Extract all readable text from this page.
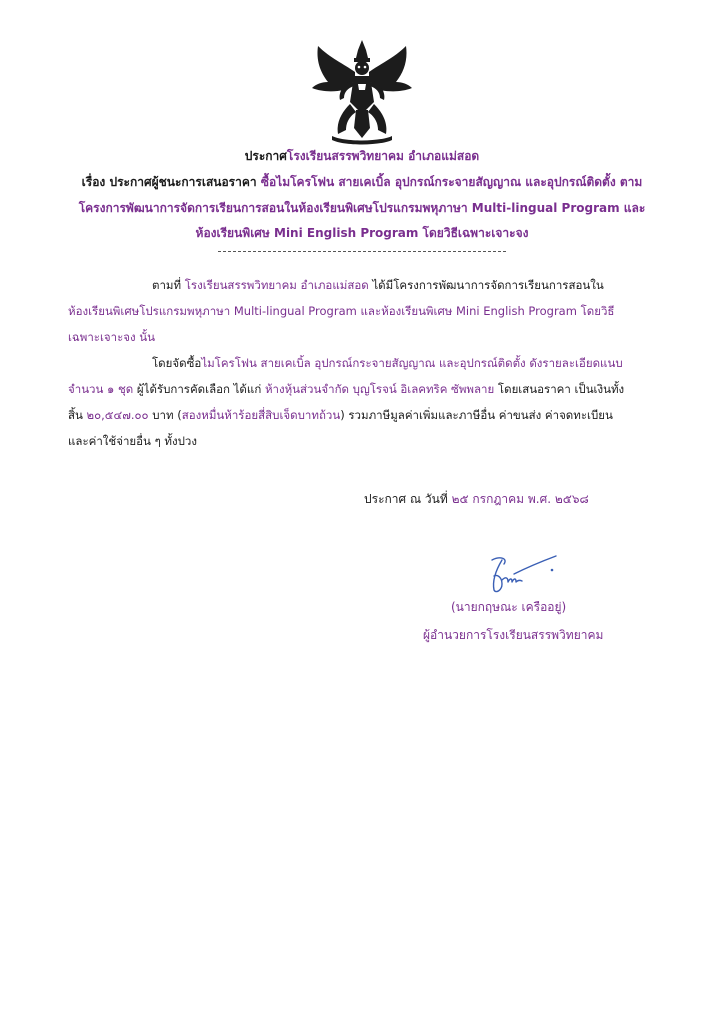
ประกาศโรงเรียนสรรพวิทยาคม อำเภอแม่สอด
เรื่อง ประกาศผู้ชนะการเสนอราคา ซื้อไมโครโฟน สายเคเบิ้ล อุปกรณ์กระจายสัญญาณ และอุปกรณ์ติดตั้ง ตาม
โครงการพัฒนาการจัดการเรียนการสอนในห้องเรียนพิเศษโปรแกรมพหุภาษา Multi-lingual Program และ
ห้องเรียนพิเศษ Mini English Program โดยวิธีเฉพาะเจาะจง
ตามที่ โรงเรียนสรรพวิทยาคม อำเภอแม่สอด ได้มีโครงการพัฒนาการจัดการเรียนการสอนใน
ห้องเรียนพิเศษโปรแกรมพหุภาษา Multi-lingual Program และห้องเรียนพิเศษ Mini English Program โดยวิธี
เฉพาะเจาะจง นั้น
โดยจัดซื้อไมโครโฟน สายเคเบิ้ล อุปกรณ์กระจายสัญญาณ และอุปกรณ์ติดตั้ง ดังรายละเอียดแนบ
จำนวน ๑ ชุด ผู้ได้รับการคัดเลือก ได้แก่ ห้างหุ้นส่วนจำกัด บุญโรจน์ อิเลคทริค ซัพพลาย โดยเสนอราคา เป็นเงินทั้ง
สิ้น ๒๐,๕๔๗.๐๐ บาท (สองหมื่นห้าร้อยสี่สิบเจ็ดบาทถ้วน) รวมภาษีมูลค่าเพิ่มและภาษีอื่น ค่าขนส่ง ค่าจดทะเบียน
และค่าใช้จ่ายอื่น ๆ ทั้งปวง
ประกาศ ณ วันที่ ๒๕ กรกฎาคม พ.ศ. ๒๕๖๘
(นายกฤษณะ เครืออยู่)
ผู้อำนวยการโรงเรียนสรรพวิทยาคม
